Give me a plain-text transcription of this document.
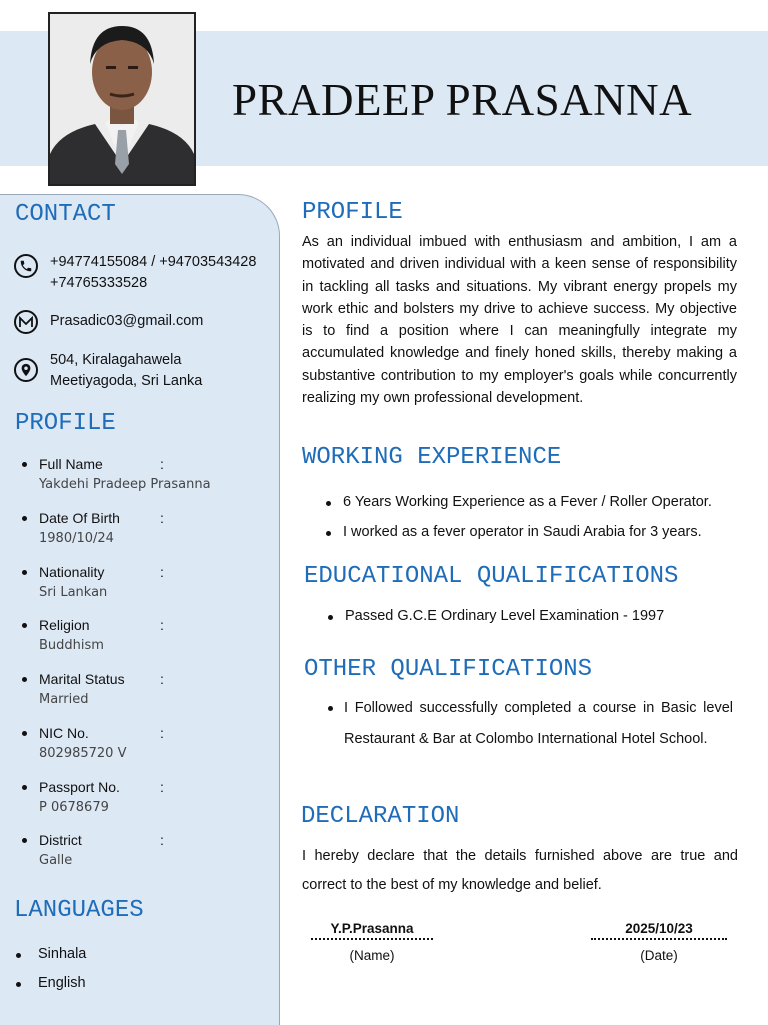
PRADEEP PRASANNA
CONTACT
+94774155084 / +94703543428
+74765333528
Prasadic03@gmail.com
504, Kiralagahawela
Meetiyagoda, Sri Lanka
PROFILE
Full Name	:
Yakdehi Pradeep Prasanna
Date Of Birth	:
1980/10/24
Nationality	:
Sri Lankan
Religion	:
Buddhism
Marital Status	:
Married
NIC No.	:
802985720 V
Passport No.	:
P 0678679
District	:
Galle
LANGUAGES
Sinhala
English
PROFILE
As an individual imbued with enthusiasm and ambition, I am a motivated and driven individual with a keen sense of responsibility in tackling all tasks and situations. My vibrant energy propels my work ethic and bolsters my drive to achieve success. My objective is to find a position where I can meaningfully integrate my accumulated knowledge and finely honed skills, thereby making a substantive contribution to my employer's goals while concurrently realizing my own professional development.
WORKING EXPERIENCE
6 Years Working Experience as a Fever / Roller Operator.
I worked as a fever operator in Saudi Arabia for 3 years.
EDUCATIONAL QUALIFICATIONS
Passed G.C.E Ordinary Level Examination - 1997
OTHER QUALIFICATIONS
I Followed successfully completed a course in Basic level Restaurant & Bar at Colombo International Hotel School.
DECLARATION
I hereby declare that the details furnished above are true and correct to the best of my knowledge and belief.
Y.P.Prasanna
(Name)
2025/10/23
(Date)
